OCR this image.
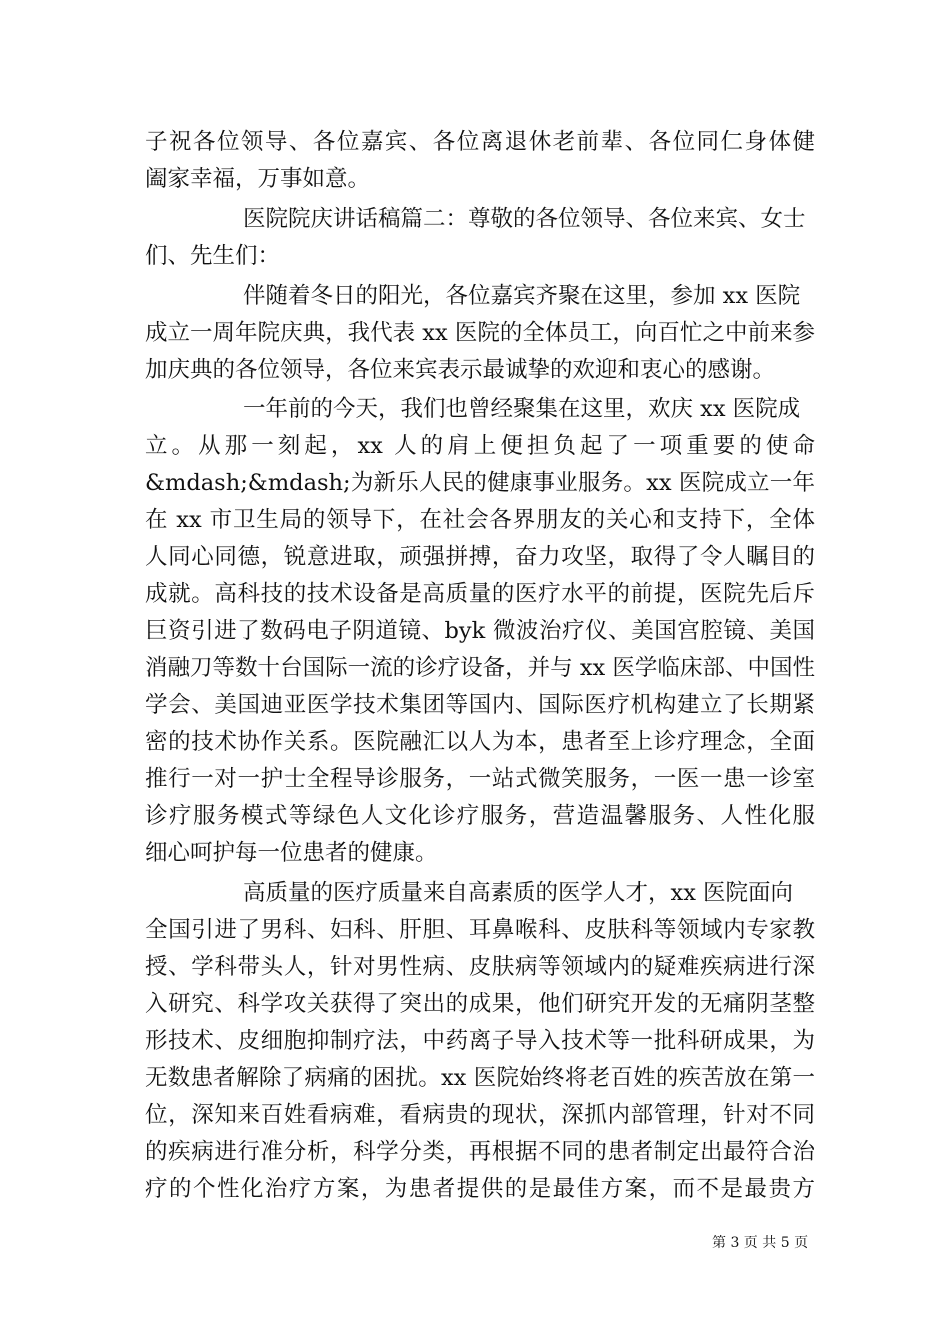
子祝各位领导、各位嘉宾、各位离退休老前辈、各位同仁身体健
阖家幸福，万事如意。
医院院庆讲话稿篇二：尊敬的各位领导、各位来宾、女士
们、先生们：
伴随着冬日的阳光，各位嘉宾齐聚在这里，参加 xx 医院
成立一周年院庆典，我代表 xx 医院的全体员工，向百忙之中前来参
加庆典的各位领导，各位来宾表示最诚挚的欢迎和衷心的感谢。
一年前的今天，我们也曾经聚集在这里，欢庆 xx 医院成
立。从那一刻起，xx 人的肩上便担负起了一项重要的使命
&mdash;&mdash;为新乐人民的健康事业服务。xx 医院成立一年
在 xx 市卫生局的领导下，在社会各界朋友的关心和支持下，全体
人同心同德，锐意进取，顽强拼搏，奋力攻坚，取得了令人瞩目的
成就。高科技的技术设备是高质量的医疗水平的前提，医院先后斥
巨资引进了数码电子阴道镜、byk 微波治疗仪、美国宫腔镜、美国
消融刀等数十台国际一流的诊疗设备，并与 xx 医学临床部、中国性
学会、美国迪亚医学技术集团等国内、国际医疗机构建立了长期紧
密的技术协作关系。医院融汇以人为本，患者至上诊疗理念，全面
推行一对一护士全程导诊服务，一站式微笑服务，一医一患一诊室
诊疗服务模式等绿色人文化诊疗服务，营造温馨服务、人性化服
细心呵护每一位患者的健康。
高质量的医疗质量来自高素质的医学人才，xx 医院面向
全国引进了男科、妇科、肝胆、耳鼻喉科、皮肤科等领域内专家教
授、学科带头人，针对男性病、皮肤病等领域内的疑难疾病进行深
入研究、科学攻关获得了突出的成果，他们研究开发的无痛阴茎整
形技术、皮细胞抑制疗法，中药离子导入技术等一批科研成果，为
无数患者解除了病痛的困扰。xx 医院始终将老百姓的疾苦放在第一
位，深知来百姓看病难，看病贵的现状，深抓内部管理，针对不同
的疾病进行准分析，科学分类，再根据不同的患者制定出最符合治
疗的个性化治疗方案，为患者提供的是最佳方案，而不是最贵方
第 3 页 共 5 页
